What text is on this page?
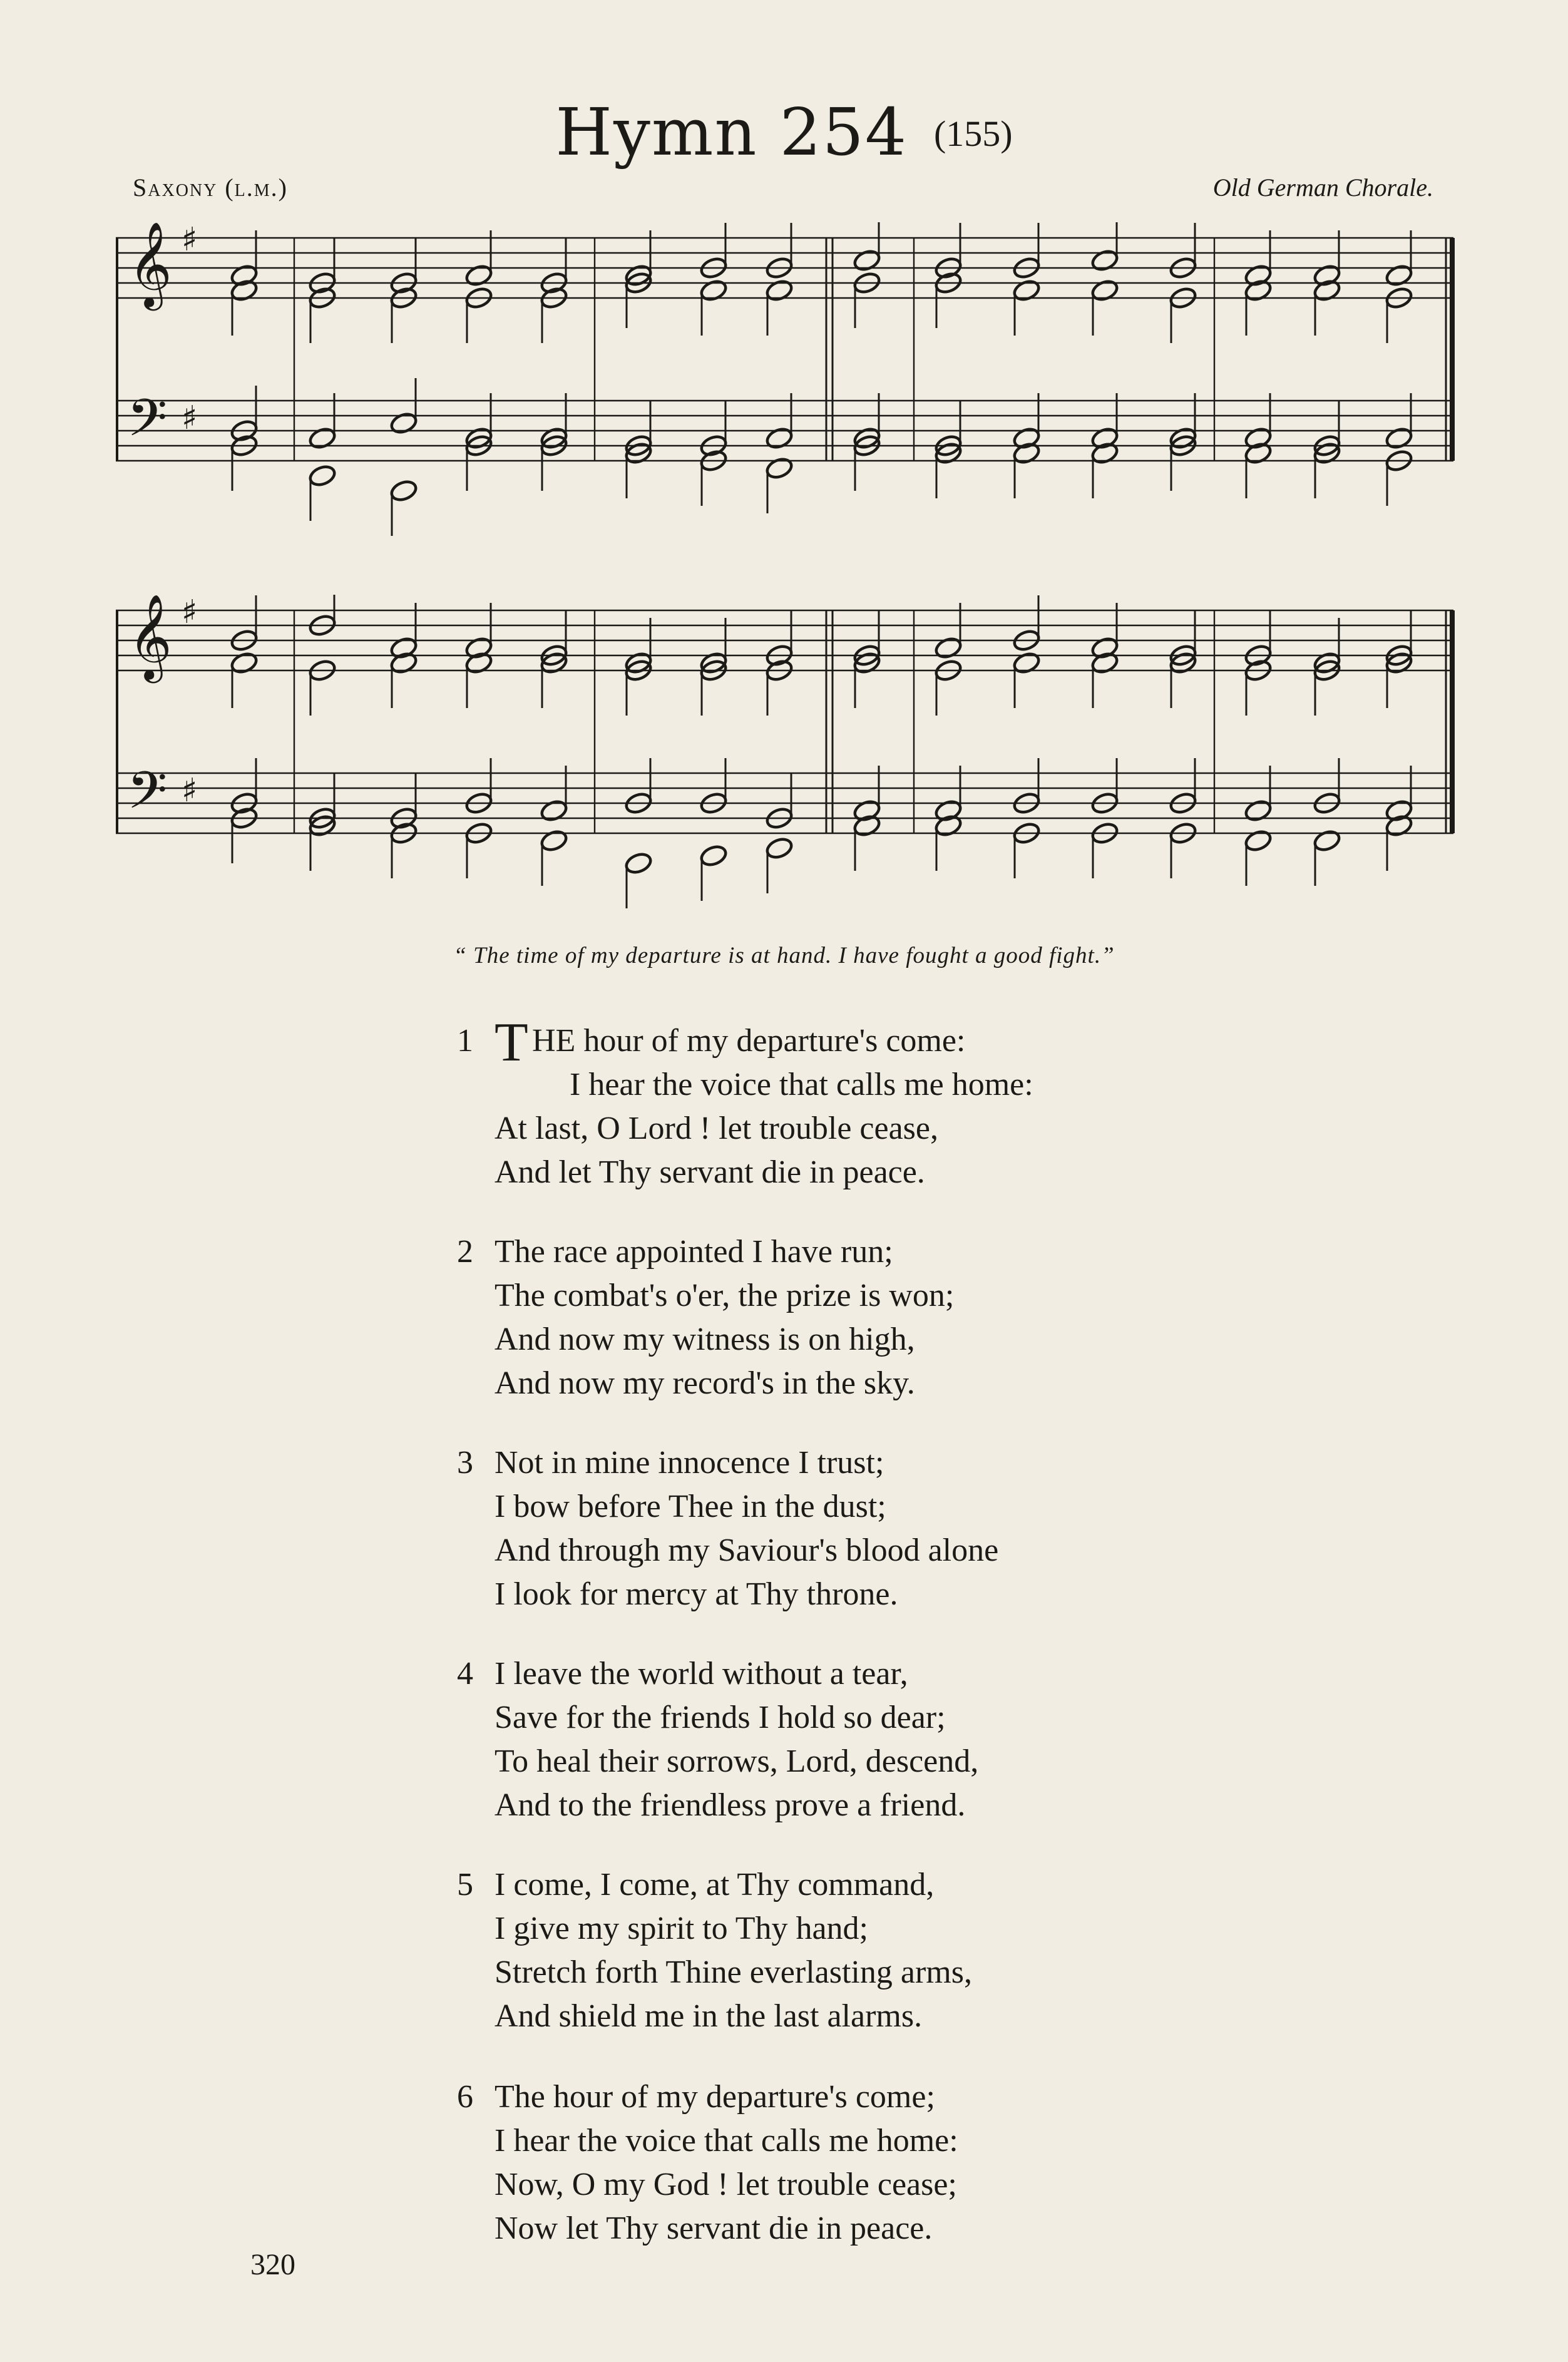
Hymn 254 (155)
Saxony (l.m.)	Old German Chorale.
𝄞
𝄢
♯
♯
𝄞
𝄢
♯
♯
“ The time of my departure is at hand. I have fought a good fight.”
1 T HE hour of my departure's come:
I hear the voice that calls me home:
At last, O Lord ! let trouble cease,
And let Thy servant die in peace.
2 The race appointed I have run;
The combat's o'er, the prize is won;
And now my witness is on high,
And now my record's in the sky.
3 Not in mine innocence I trust;
I bow before Thee in the dust;
And through my Saviour's blood alone
I look for mercy at Thy throne.
4 I leave the world without a tear,
Save for the friends I hold so dear;
To heal their sorrows, Lord, descend,
And to the friendless prove a friend.
5 I come, I come, at Thy command,
I give my spirit to Thy hand;
Stretch forth Thine everlasting arms,
And shield me in the last alarms.
6 The hour of my departure's come;
I hear the voice that calls me home:
Now, O my God ! let trouble cease;
Now let Thy servant die in peace.
320
